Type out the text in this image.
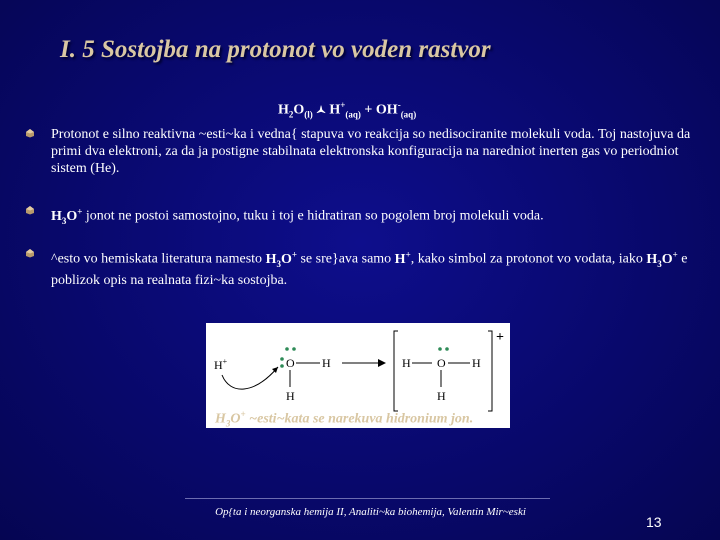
I. 5 Sostojba na protonot vo voden rastvor
$H_2O_{(l)}$ 🟁 $H^+_{(aq)} + OH^-_{(aq)}$
Protonot e silno reaktivna ~esti~ka i vedna{ stapuva vo reakcija so nedisociranite molekuli voda. Toj nastojuva da primi dva elektroni, za da ja postigne stabilnata elektronska konfiguracija na naredniot inerten gas vo periodniot sistem (He).
$H_3O^+$ jonot ne postoi samostojno, tuku i toj e hidratiran so pogolem broj molekuli voda.
^esto vo hemiskata literatura namesto $H_3O^+$ se sre}ava samo H+, kako simbol za protonot vo vodata, iako $H_3O^+$ e poblizok opis na realnata fizi~ka sostojba.
H+	O H
H
+
H O H
H
$H_3O^+$ ~esti~kata se narekuva hidronium jon.
Op{ta i neorganska hemija II, Analiti~ka biohemija, Valentin Mir~eski
13
